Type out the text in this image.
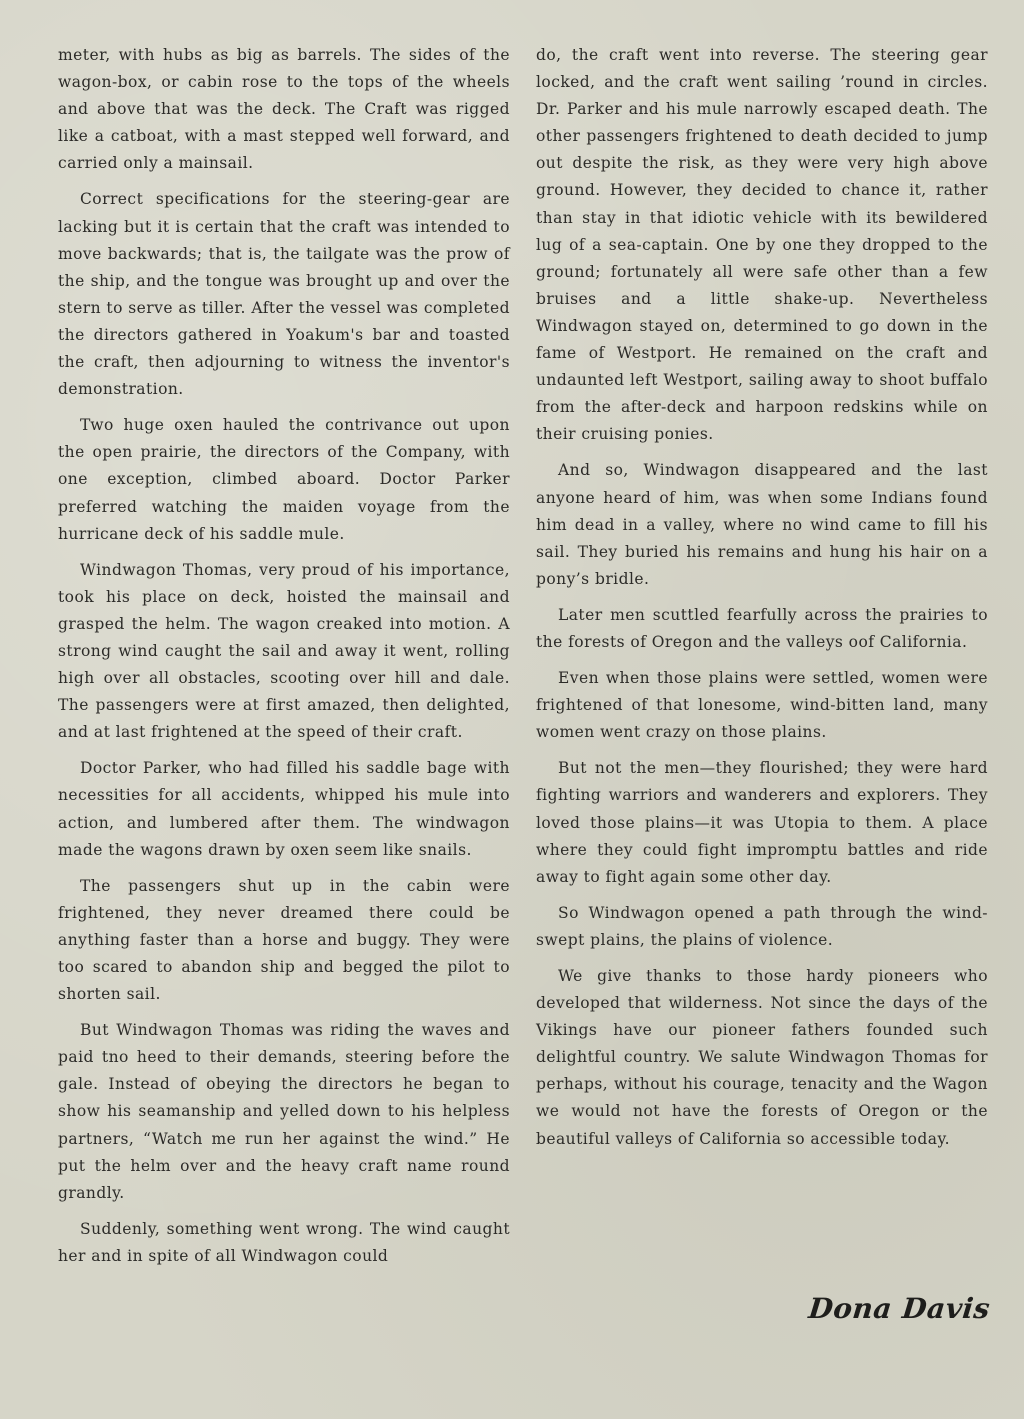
meter, with hubs as big as barrels. The sides of the wagon-box, or cabin rose to the tops of the wheels and above that was the deck. The Craft was rigged like a catboat, with a mast stepped well forward, and carried only a mainsail.

Correct specifications for the steering-gear are lacking but it is certain that the craft was intended to move backwards; that is, the tailgate was the prow of the ship, and the tongue was brought up and over the stern to serve as tiller. After the vessel was completed the directors gathered in Yoakum's bar and toasted the craft, then adjourning to witness the inventor's demonstration.

Two huge oxen hauled the contrivance out upon the open prairie, the directors of the Company, with one exception, climbed aboard. Doctor Parker preferred watching the maiden voyage from the hurricane deck of his saddle mule.

Windwagon Thomas, very proud of his importance, took his place on deck, hoisted the mainsail and grasped the helm. The wagon creaked into motion. A strong wind caught the sail and away it went, rolling high over all obstacles, scooting over hill and dale. The passengers were at first amazed, then delighted, and at last frightened at the speed of their craft.

Doctor Parker, who had filled his saddle bage with necessities for all accidents, whipped his mule into action, and lumbered after them. The windwagon made the wagons drawn by oxen seem like snails.

The passengers shut up in the cabin were frightened, they never dreamed there could be anything faster than a horse and buggy. They were too scared to abandon ship and begged the pilot to shorten sail.

But Windwagon Thomas was riding the waves and paid tno heed to their demands, steering before the gale. Instead of obeying the directors he began to show his seamanship and yelled down to his helpless partners, “Watch me run her against the wind.” He put the helm over and the heavy craft name round grandly.

Suddenly, something went wrong. The wind caught her and in spite of all Windwagon could

do, the craft went into reverse. The steering gear locked, and the craft went sailing ’round in circles. Dr. Parker and his mule narrowly escaped death. The other passengers frightened to death decided to jump out despite the risk, as they were very high above ground. However, they decided to chance it, rather than stay in that idiotic vehicle with its bewildered lug of a sea-captain. One by one they dropped to the ground; fortunately all were safe other than a few bruises and a little shake-up. Nevertheless Windwagon stayed on, determined to go down in the fame of Westport. He remained on the craft and undaunted left Westport, sailing away to shoot buffalo from the after-deck and harpoon redskins while on their cruising ponies.

And so, Windwagon disappeared and the last anyone heard of him, was when some Indians found him dead in a valley, where no wind came to fill his sail. They buried his remains and hung his hair on a pony’s bridle.

Later men scuttled fearfully across the prairies to the forests of Oregon and the valleys oof California.

Even when those plains were settled, women were frightened of that lonesome, wind-bitten land, many women went crazy on those plains.

But not the men—they flourished; they were hard fighting warriors and wanderers and explorers. They loved those plains—it was Utopia to them. A place where they could fight impromptu battles and ride away to fight again some other day.

So Windwagon opened a path through the wind-swept plains, the plains of violence.

We give thanks to those hardy pioneers who developed that wilderness. Not since the days of the Vikings have our pioneer fathers founded such delightful country. We salute Windwagon Thomas for perhaps, without his courage, tenacity and the Wagon we would not have the forests of Oregon or the beautiful valleys of California so accessible today.

Dona Davis
